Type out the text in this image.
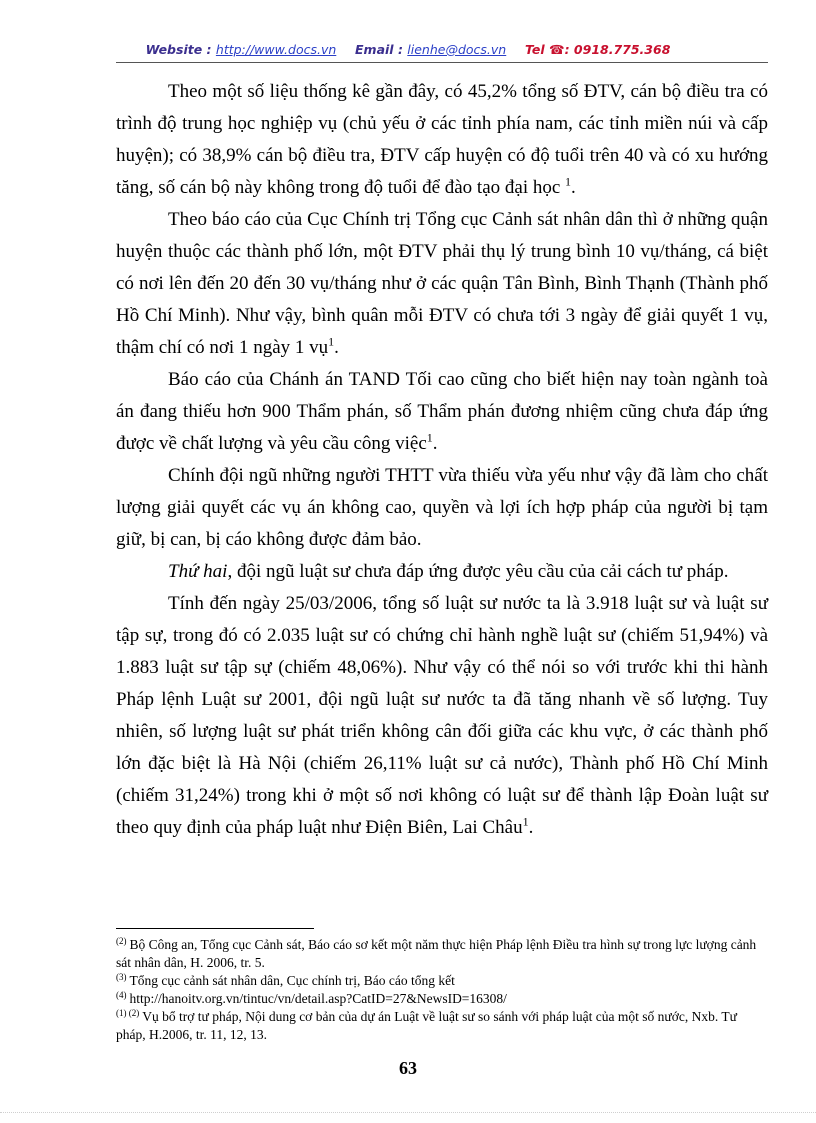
Website : http://www.docs.vn Email : lienhe@docs.vn Tel ☎: 0918.775.368

Theo một số liệu thống kê gần đây, có 45,2% tổng số ĐTV, cán bộ điều tra có trình độ trung học nghiệp vụ (chủ yếu ở các tỉnh phía nam, các tỉnh miền núi và cấp huyện); có 38,9% cán bộ điều tra, ĐTV cấp huyện có độ tuổi trên 40 và có xu hướng tăng, số cán bộ này không trong độ tuổi để đào tạo đại học $^1$.

Theo báo cáo của Cục Chính trị Tổng cục Cảnh sát nhân dân thì ở những quận huyện thuộc các thành phố lớn, một ĐTV phải thụ lý trung bình 10 vụ/tháng, cá biệt có nơi lên đến 20 đến 30 vụ/tháng như ở các quận Tân Bình, Bình Thạnh (Thành phố Hồ Chí Minh). Như vậy, bình quân mỗi ĐTV có chưa tới 3 ngày để giải quyết 1 vụ, thậm chí có nơi 1 ngày 1 vụ$^1$.

Báo cáo của Chánh án TAND Tối cao cũng cho biết hiện nay toàn ngành toà án đang thiếu hơn 900 Thẩm phán, số Thẩm phán đương nhiệm cũng chưa đáp ứng được về chất lượng và yêu cầu công việc$^1$.

Chính đội ngũ những người THTT vừa thiếu vừa yếu như vậy đã làm cho chất lượng giải quyết các vụ án không cao, quyền và lợi ích hợp pháp của người bị tạm giữ, bị can, bị cáo không được đảm bảo.

Thứ hai, đội ngũ luật sư chưa đáp ứng được yêu cầu của cải cách tư pháp.

Tính đến ngày 25/03/2006, tổng số luật sư nước ta là 3.918 luật sư và luật sư tập sự, trong đó có 2.035 luật sư có chứng chỉ hành nghề luật sư (chiếm 51,94%) và 1.883 luật sư tập sự (chiếm 48,06%). Như vậy có thể nói so với trước khi thi hành Pháp lệnh Luật sư 2001, đội ngũ luật sư nước ta đã tăng nhanh về số lượng. Tuy nhiên, số lượng luật sư phát triển không cân đối giữa các khu vực, ở các thành phố lớn đặc biệt là Hà Nội (chiếm 26,11% luật sư cả nước), Thành phố Hồ Chí Minh (chiếm 31,24%) trong khi ở một số nơi không có luật sư để thành lập Đoàn luật sư theo quy định của pháp luật như Điện Biên, Lai Châu$^1$.

$^{(2)}$ Bộ Công an, Tổng cục Cảnh sát, Báo cáo sơ kết một năm thực hiện Pháp lệnh Điều tra hình sự trong lực lượng cảnh sát nhân dân, H. 2006, tr. 5.

$^{(3)}$ Tổng cục cảnh sát nhân dân, Cục chính trị, Báo cáo tổng kết

$^{(4)}$ http://hanoitv.org.vn/tintuc/vn/detail.asp?CatID=27&NewsID=16308/

$^{(1) (2)}$ Vụ bổ trợ tư pháp, Nội dung cơ bản của dự án Luật về luật sư so sánh với pháp luật của một số nước, Nxb. Tư pháp, H.2006, tr. 11, 12, 13.

63
